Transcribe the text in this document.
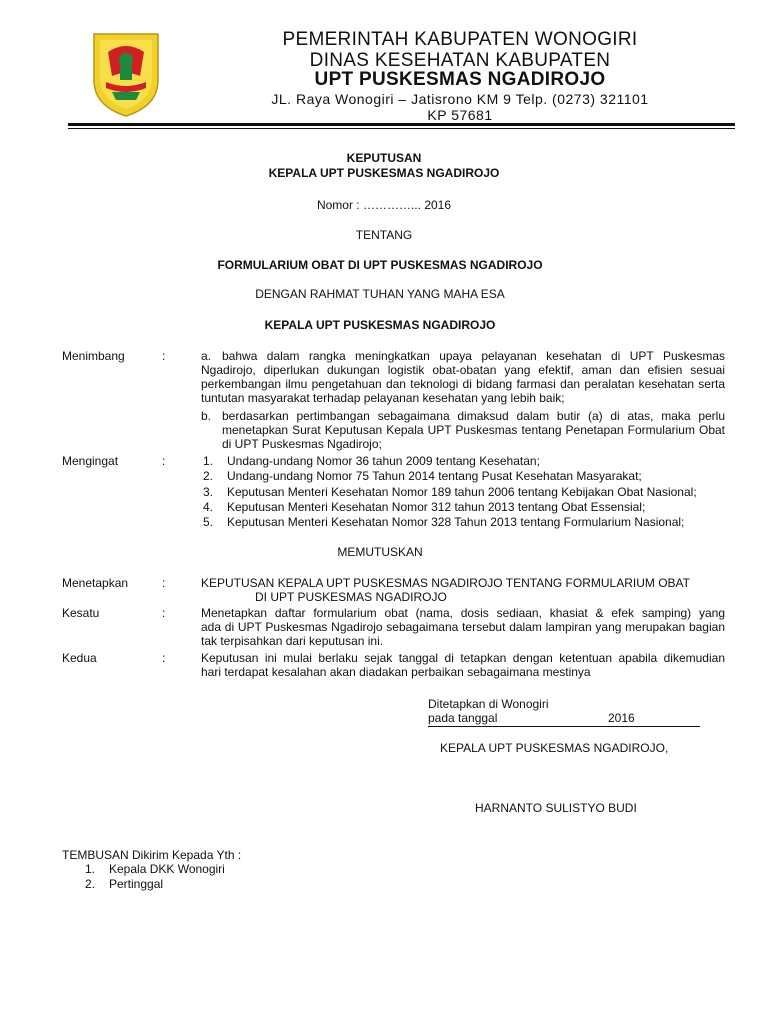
PEMERINTAH KABUPATEN WONOGIRI
DINAS KESEHATAN KABUPATEN
UPT PUSKESMAS NGADIROJO
JL. Raya Wonogiri – Jatisrono KM 9 Telp. (0273) 321101
KP 57681
KEPUTUSAN
KEPALA UPT PUSKESMAS NGADIROJO
Nomor : …………... 2016
TENTANG
FORMULARIUM OBAT DI UPT PUSKESMAS NGADIROJO
DENGAN RAHMAT TUHAN YANG MAHA ESA
KEPALA UPT PUSKESMAS NGADIROJO
Menimbang	:	a. bahwa dalam rangka meningkatkan upaya pelayanan kesehatan di UPT Puskesmas
Ngadirojo, diperlukan dukungan logistik obat-obatan yang efektif, aman dan efisien sesuai perkembangan ilmu pengetahuan dan teknologi di bidang farmasi dan peralatan kesehatan serta tuntutan masyarakat terhadap pelayanan kesehatan yang lebih baik;
b. berdasarkan pertimbangan sebagaimana dimaksud dalam butir (a) di atas, maka perlu
menetapkan Surat Keputusan Kepala UPT Puskesmas tentang Penetapan Formularium Obat di UPT Puskesmas Ngadirojo;
Mengingat	:	1. Undang-undang Nomor 36 tahun 2009 tentang Kesehatan;
2. Undang-undang Nomor 75 Tahun 2014 tentang Pusat Kesehatan Masyarakat;
3. Keputusan Menteri Kesehatan Nomor 189 tahun 2006 tentang Kebijakan Obat Nasional;
4. Keputusan Menteri Kesehatan Nomor 312 tahun 2013 tentang Obat Essensial;
5. Keputusan Menteri Kesehatan Nomor 328 Tahun 2013 tentang Formularium Nasional;
MEMUTUSKAN
Menetapkan	:	KEPUTUSAN KEPALA UPT PUSKESMAS NGADIROJO TENTANG FORMULARIUM OBAT
DI UPT PUSKESMAS NGADIROJO
Kesatu	:	Menetapkan daftar formularium obat (nama, dosis sediaan, khasiat & efek samping) yang
ada di UPT Puskesmas Ngadirojo sebagaimana tersebut dalam lampiran yang merupakan bagian tak terpisahkan dari keputusan ini.
Kedua	:	Keputusan ini mulai berlaku sejak tanggal di tetapkan dengan ketentuan apabila dikemudian
hari terdapat kesalahan akan diadakan perbaikan sebagaimana mestinya
Ditetapkan di Wonogiri
pada tanggal	2016
KEPALA UPT PUSKESMAS NGADIROJO,
HARNANTO SULISTYO BUDI
TEMBUSAN Dikirim Kepada Yth :
1. Kepala DKK Wonogiri
2. Pertinggal
